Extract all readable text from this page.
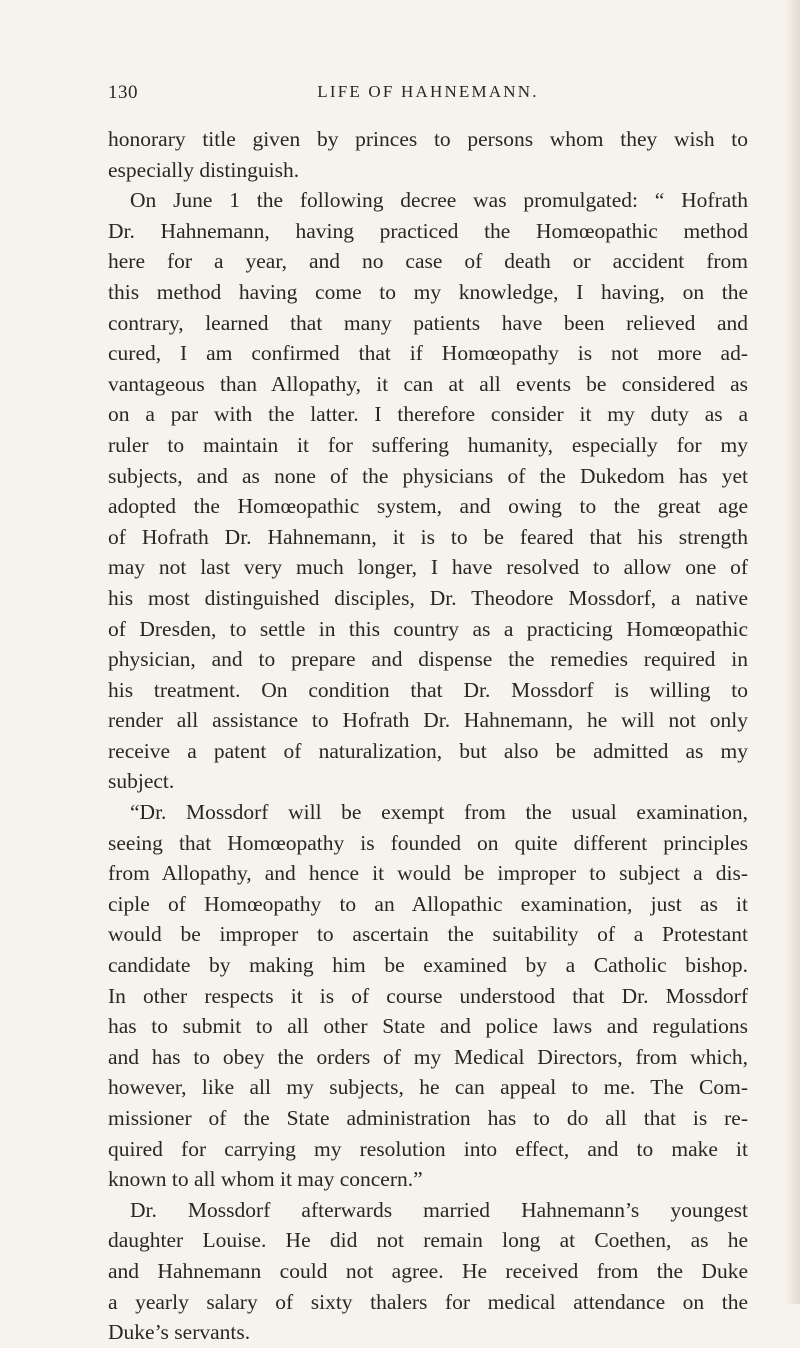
130	LIFE OF HAHNEMANN.
honorary title given by princes to persons whom they wish to
especially distinguish.
On June 1 the following decree was promulgated: “ Hofrath
Dr. Hahnemann, having practiced the Homœopathic method
here for a year, and no case of death or accident from
this method having come to my knowledge, I having, on the
contrary, learned that many patients have been relieved and
cured, I am confirmed that if Homœopathy is not more ad-
vantageous than Allopathy, it can at all events be considered as
on a par with the latter. I therefore consider it my duty as a
ruler to maintain it for suffering humanity, especially for my
subjects, and as none of the physicians of the Dukedom has yet
adopted the Homœopathic system, and owing to the great age
of Hofrath Dr. Hahnemann, it is to be feared that his strength
may not last very much longer, I have resolved to allow one of
his most distinguished disciples, Dr. Theodore Mossdorf, a native
of Dresden, to settle in this country as a practicing Homœopathic
physician, and to prepare and dispense the remedies required in
his treatment. On condition that Dr. Mossdorf is willing to
render all assistance to Hofrath Dr. Hahnemann, he will not only
receive a patent of naturalization, but also be admitted as my
subject.
“Dr. Mossdorf will be exempt from the usual examination,
seeing that Homœopathy is founded on quite different principles
from Allopathy, and hence it would be improper to subject a dis-
ciple of Homœopathy to an Allopathic examination, just as it
would be improper to ascertain the suitability of a Protestant
candidate by making him be examined by a Catholic bishop.
In other respects it is of course understood that Dr. Mossdorf
has to submit to all other State and police laws and regulations
and has to obey the orders of my Medical Directors, from which,
however, like all my subjects, he can appeal to me. The Com-
missioner of the State administration has to do all that is re-
quired for carrying my resolution into effect, and to make it
known to all whom it may concern.”
Dr. Mossdorf afterwards married Hahnemann’s youngest
daughter Louise. He did not remain long at Coethen, as he
and Hahnemann could not agree. He received from the Duke
a yearly salary of sixty thalers for medical attendance on the
Duke’s servants.
